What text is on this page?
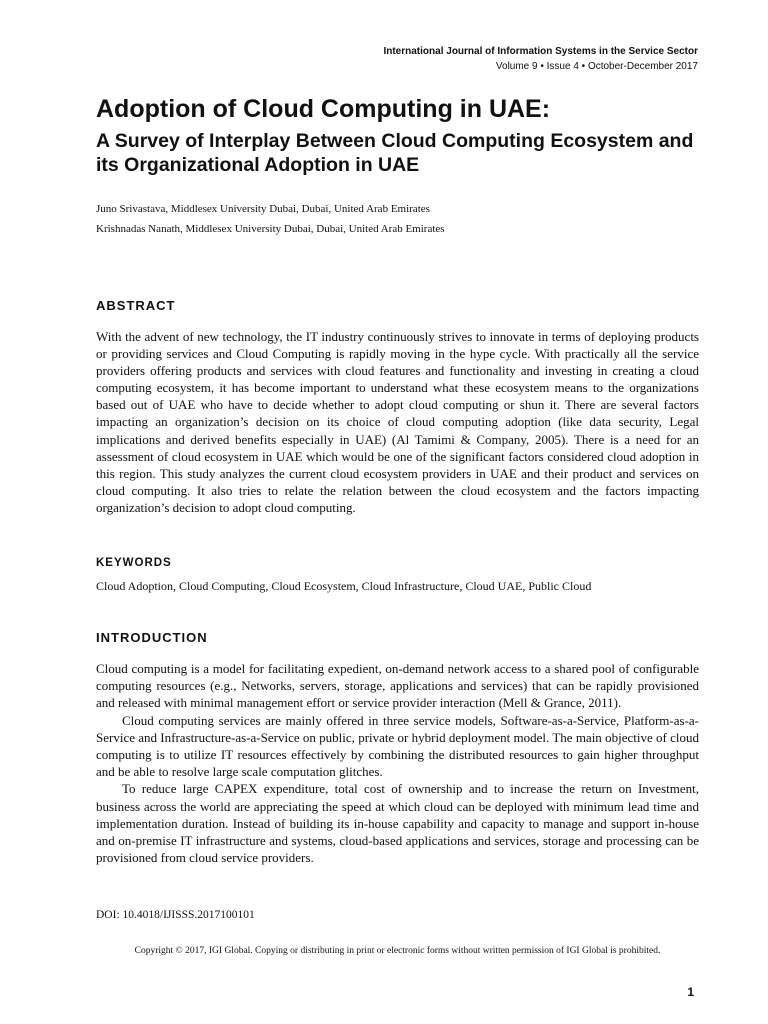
International Journal of Information Systems in the Service Sector
Volume 9 • Issue 4 • October-December 2017
Adoption of Cloud Computing in UAE:
A Survey of Interplay Between Cloud Computing Ecosystem and its Organizational Adoption in UAE
Juno Srivastava, Middlesex University Dubai, Dubai, United Arab Emirates
Krishnadas Nanath, Middlesex University Dubai, Dubai, United Arab Emirates
ABSTRACT

With the advent of new technology, the IT industry continuously strives to innovate in terms of deploying products or providing services and Cloud Computing is rapidly moving in the hype cycle. With practically all the service providers offering products and services with cloud features and functionality and investing in creating a cloud computing ecosystem, it has become important to understand what these ecosystem means to the organizations based out of UAE who have to decide whether to adopt cloud computing or shun it. There are several factors impacting an organization’s decision on its choice of cloud computing adoption (like data security, Legal implications and derived benefits especially in UAE) (Al Tamimi & Company, 2005). There is a need for an assessment of cloud ecosystem in UAE which would be one of the significant factors considered cloud adoption in this region. This study analyzes the current cloud ecosystem providers in UAE and their product and services on cloud computing. It also tries to relate the relation between the cloud ecosystem and the factors impacting organization’s decision to adopt cloud computing.

KEYWORDS
Cloud Adoption, Cloud Computing, Cloud Ecosystem, Cloud Infrastructure, Cloud UAE, Public Cloud
INTRODUCTION

Cloud computing is a model for facilitating expedient, on-demand network access to a shared pool of configurable computing resources (e.g., Networks, servers, storage, applications and services) that can be rapidly provisioned and released with minimal management effort or service provider interaction (Mell & Grance, 2011).

Cloud computing services are mainly offered in three service models, Software-as-a-Service, Platform-as-a-Service and Infrastructure-as-a-Service on public, private or hybrid deployment model. The main objective of cloud computing is to utilize IT resources effectively by combining the distributed resources to gain higher throughput and be able to resolve large scale computation glitches.

To reduce large CAPEX expenditure, total cost of ownership and to increase the return on Investment, business across the world are appreciating the speed at which cloud can be deployed with minimum lead time and implementation duration. Instead of building its in-house capability and capacity to manage and support in-house and on-premise IT infrastructure and systems, cloud-based applications and services, storage and processing can be provisioned from cloud service providers.

DOI: 10.4018/IJISSS.2017100101
Copyright © 2017, IGI Global. Copying or distributing in print or electronic forms without written permission of IGI Global is prohibited.
1
